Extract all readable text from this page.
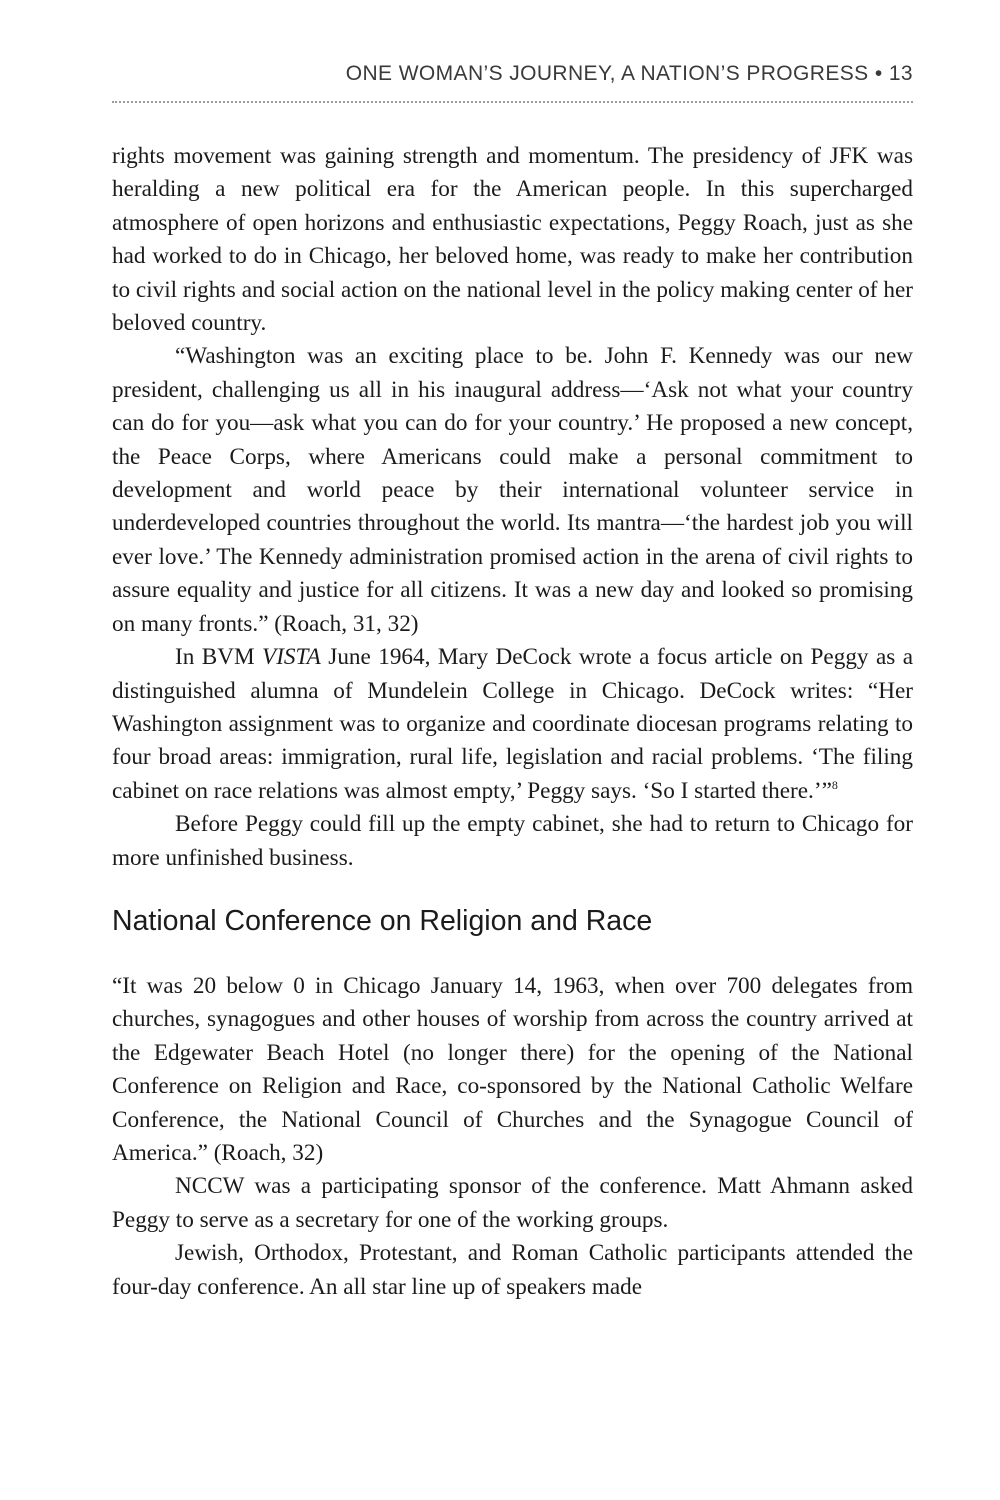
ONE WOMAN’S JOURNEY, A NATION’S PROGRESS • 13

rights movement was gaining strength and momentum. The presidency of JFK was heralding a new political era for the American people. In this supercharged atmosphere of open horizons and enthusiastic expectations, Peggy Roach, just as she had worked to do in Chicago, her beloved home, was ready to make her contribution to civil rights and social action on the national level in the policy making center of her beloved country.

“Washington was an exciting place to be. John F. Kennedy was our new president, challenging us all in his inaugural address—‘Ask not what your country can do for you—ask what you can do for your country.’ He proposed a new concept, the Peace Corps, where Americans could make a personal commitment to development and world peace by their international volunteer service in underdeveloped countries throughout the world. Its mantra—‘the hardest job you will ever love.’ The Kennedy administration promised action in the arena of civil rights to assure equality and justice for all citizens. It was a new day and looked so promising on many fronts.” (Roach, 31, 32)

In BVM VISTA June 1964, Mary DeCock wrote a focus article on Peggy as a distinguished alumna of Mundelein College in Chicago. DeCock writes: “Her Washington assignment was to organize and coordinate diocesan programs relating to four broad areas: immigration, rural life, legislation and racial problems. ‘The filing cabinet on race relations was almost empty,’ Peggy says. ‘So I started there.’”$^8$

Before Peggy could fill up the empty cabinet, she had to return to Chicago for more unfinished business.

National Conference on Religion and Race

“It was 20 below 0 in Chicago January 14, 1963, when over 700 delegates from churches, synagogues and other houses of worship from across the country arrived at the Edgewater Beach Hotel (no longer there) for the opening of the National Conference on Religion and Race, co-sponsored by the National Catholic Welfare Conference, the National Council of Churches and the Synagogue Council of America.” (Roach, 32)

NCCW was a participating sponsor of the conference. Matt Ahmann asked Peggy to serve as a secretary for one of the working groups.

Jewish, Orthodox, Protestant, and Roman Catholic participants attended the four-day conference. An all star line up of speakers made
